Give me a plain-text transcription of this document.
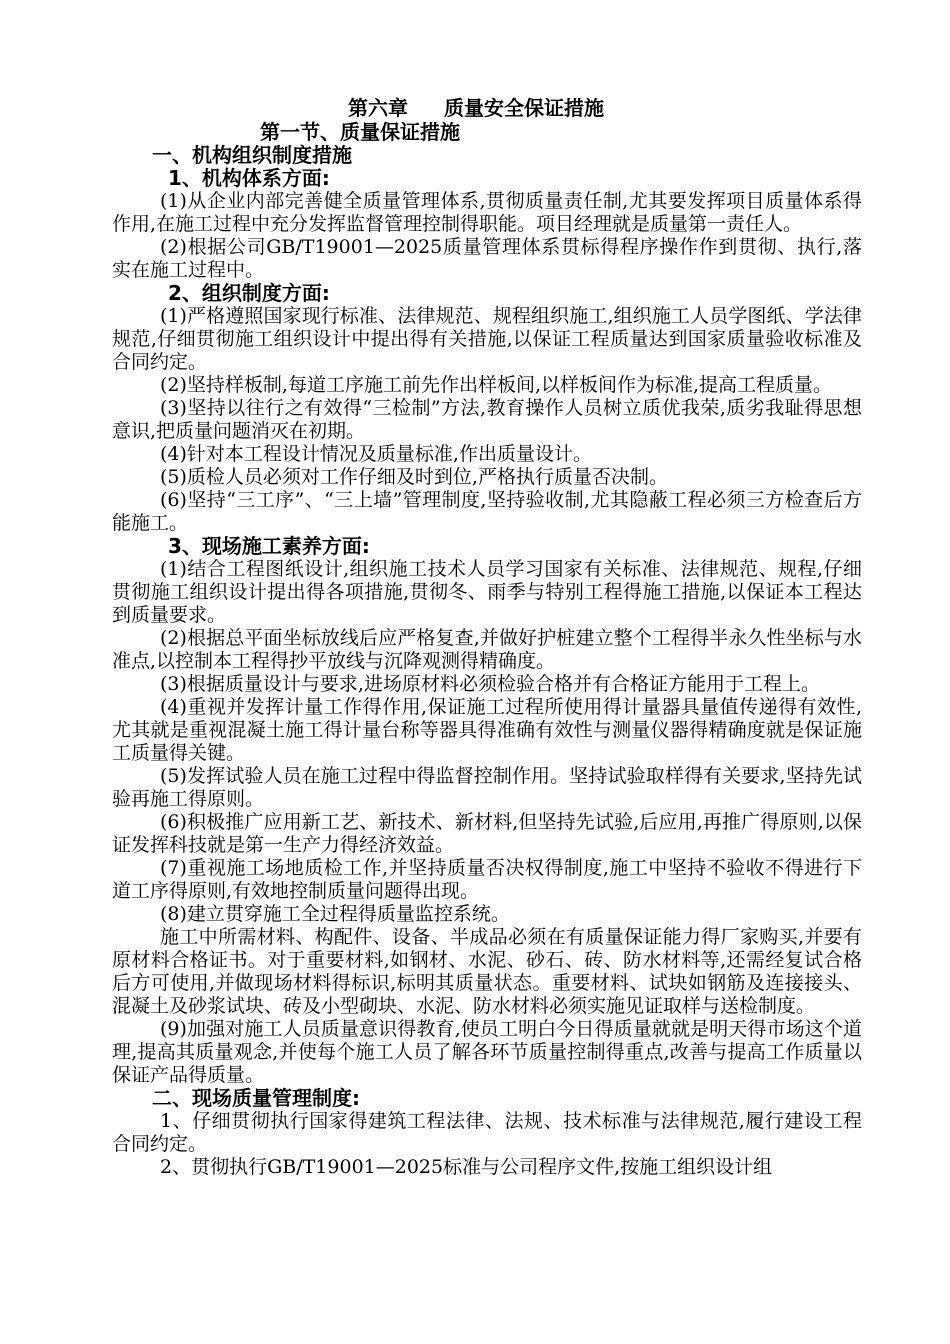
第六章 质量安全保证措施
第一节、质量保证措施
一、机构组织制度措施
1、机构体系方面:

(1)从企业内部完善健全质量管理体系,贯彻质量责任制,尤其要发挥项目质量体系得作用,在施工过程中充分发挥监督管理控制得职能。项目经理就是质量第一责任人。

(2)根据公司GB/T19001—2025质量管理体系贯标得程序操作作到贯彻、执行,落实在施工过程中。

2、组织制度方面:

(1)严格遵照国家现行标准、法律规范、规程组织施工,组织施工人员学图纸、学法律规范,仔细贯彻施工组织设计中提出得有关措施,以保证工程质量达到国家质量验收标准及合同约定。

(2)坚持样板制,每道工序施工前先作出样板间,以样板间作为标准,提高工程质量。

(3)坚持以往行之有效得“三检制”方法,教育操作人员树立质优我荣,质劣我耻得思想意识,把质量问题消灭在初期。

(4)针对本工程设计情况及质量标准,作出质量设计。

(5)质检人员必须对工作仔细及时到位,严格执行质量否决制。

(6)坚持“三工序”、“三上墙”管理制度,坚持验收制,尤其隐蔽工程必须三方检查后方能施工。

3、现场施工素养方面:

(1)结合工程图纸设计,组织施工技术人员学习国家有关标准、法律规范、规程,仔细贯彻施工组织设计提出得各项措施,贯彻冬、雨季与特别工程得施工措施,以保证本工程达到质量要求。

(2)根据总平面坐标放线后应严格复查,并做好护桩建立整个工程得半永久性坐标与水准点,以控制本工程得抄平放线与沉降观测得精确度。

(3)根据质量设计与要求,进场原材料必须检验合格并有合格证方能用于工程上。

(4)重视并发挥计量工作得作用,保证施工过程所使用得计量器具量值传递得有效性,尤其就是重视混凝土施工得计量台称等器具得准确有效性与测量仪器得精确度就是保证施工质量得关键。

(5)发挥试验人员在施工过程中得监督控制作用。坚持试验取样得有关要求,坚持先试验再施工得原则。

(6)积极推广应用新工艺、新技术、新材料,但坚持先试验,后应用,再推广得原则,以保证发挥科技就是第一生产力得经济效益。

(7)重视施工场地质检工作,并坚持质量否决权得制度,施工中坚持不验收不得进行下道工序得原则,有效地控制质量问题得出现。

(8)建立贯穿施工全过程得质量监控系统。

施工中所需材料、构配件、设备、半成品必须在有质量保证能力得厂家购买,并要有原材料合格证书。对于重要材料,如钢材、水泥、砂石、砖、防水材料等,还需经复试合格后方可使用,并做现场材料得标识,标明其质量状态。重要材料、试块如钢筋及连接接头、混凝土及砂浆试块、砖及小型砌块、水泥、防水材料必须实施见证取样与送检制度。

(9)加强对施工人员质量意识得教育,使员工明白今日得质量就就是明天得市场这个道理,提高其质量观念,并使每个施工人员了解各环节质量控制得重点,改善与提高工作质量以保证产品得质量。

二、现场质量管理制度:

1、仔细贯彻执行国家得建筑工程法律、法规、技术标准与法律规范,履行建设工程合同约定。

2、贯彻执行GB/T19001—2025标准与公司程序文件,按施工组织设计组
